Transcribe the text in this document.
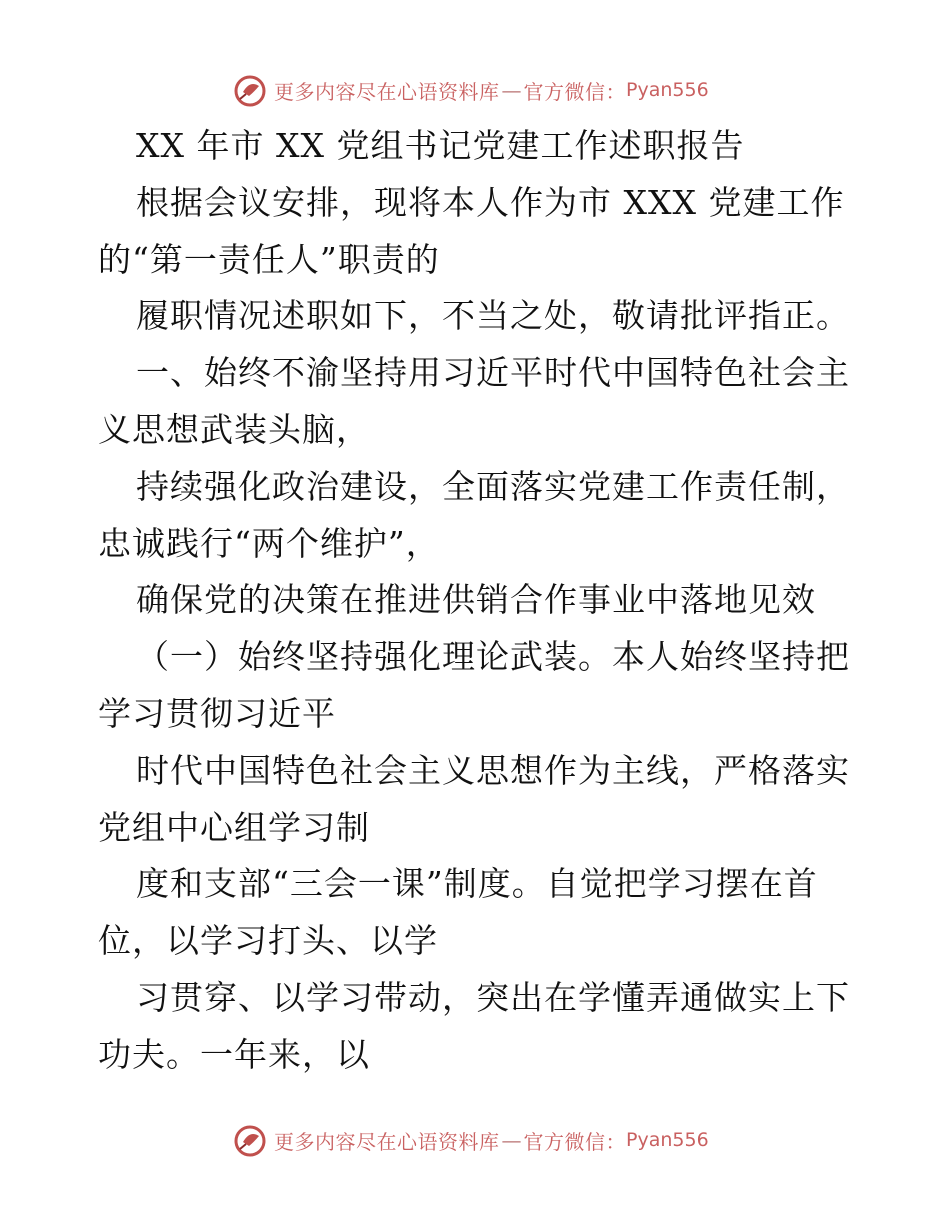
更多内容尽在心语资料库 — 官方微信： Pyan556
XX 年市 XX 党组书记党建工作述职报告
根据会议安排，现将本人作为市 XXX 党建工作
的“第一责任人”职责的
履职情况述职如下，不当之处，敬请批评指正。
一、始终不渝坚持用习近平时代中国特色社会主
义思想武装头脑，
持续强化政治建设，全面落实党建工作责任制，
忠诚践行“两个维护”，
确保党的决策在推进供销合作事业中落地见效
（一）始终坚持强化理论武装。本人始终坚持把
学习贯彻习近平
时代中国特色社会主义思想作为主线，严格落实
党组中心组学习制
度和支部“三会一课”制度。自觉把学习摆在首
位，以学习打头、以学
习贯穿、以学习带动，突出在学懂弄通做实上下
功夫。一年来，以
更多内容尽在心语资料库 — 官方微信： Pyan556
